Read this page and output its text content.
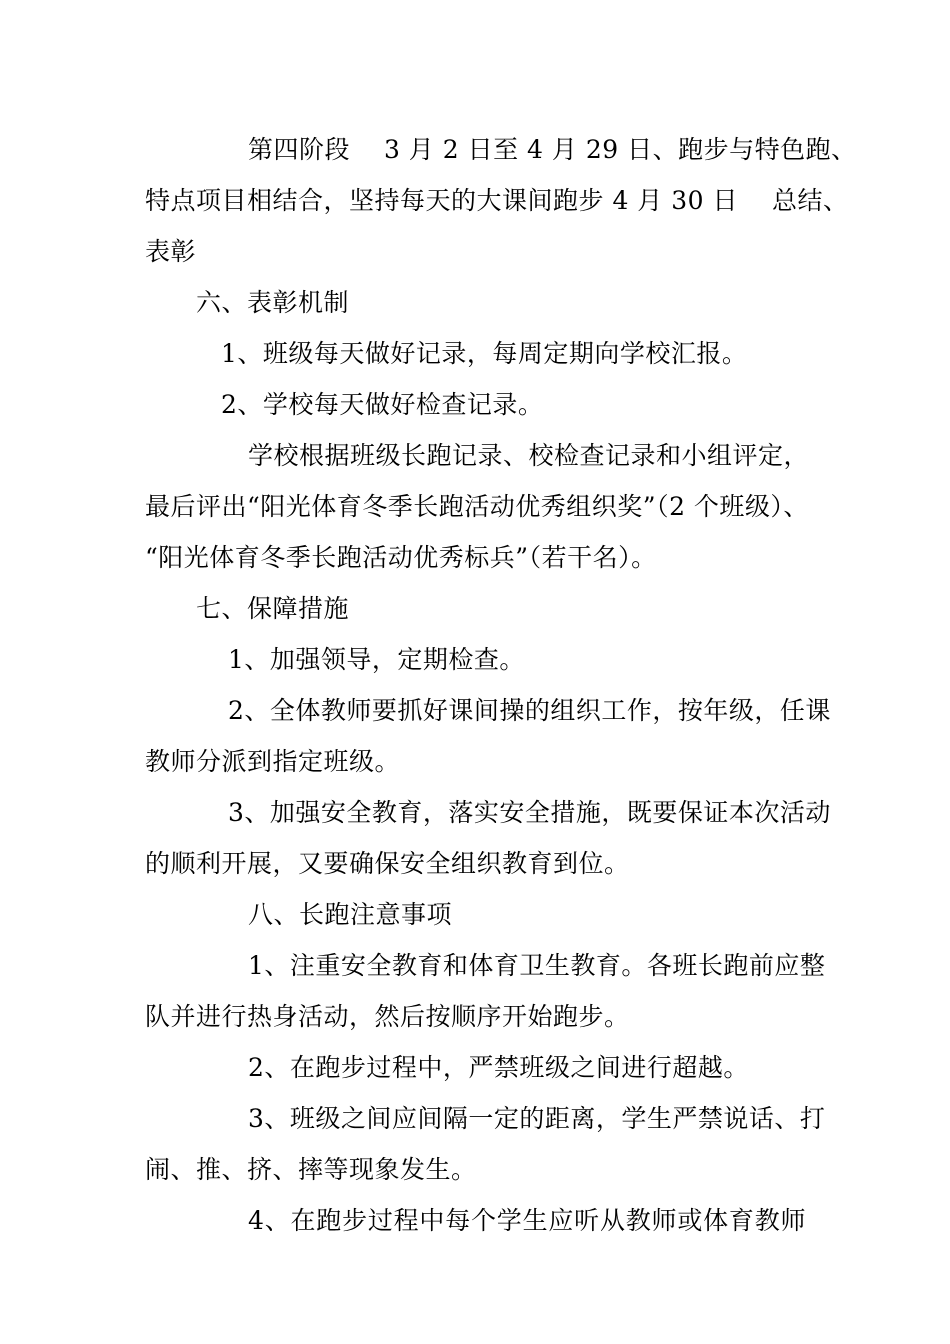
第四阶段　 3 月 2 日至 4 月 29 日、跑步与特色跑、
特点项目相结合，坚持每天的大课间跑步 4 月 30 日　 总结、
表彰
六、表彰机制
1、班级每天做好记录，每周定期向学校汇报。
2、学校每天做好检查记录。
学校根据班级长跑记录、校检查记录和小组评定，
最后评出“阳光体育冬季长跑活动优秀组织奖”（2 个班级）、
“阳光体育冬季长跑活动优秀标兵”（若干名）。
七、保障措施
1、加强领导，定期检查。
2、全体教师要抓好课间操的组织工作，按年级，任课
教师分派到指定班级。
3、加强安全教育，落实安全措施，既要保证本次活动
的顺利开展，又要确保安全组织教育到位。
八、长跑注意事项
1、注重安全教育和体育卫生教育。各班长跑前应整
队并进行热身活动，然后按顺序开始跑步。
2、在跑步过程中，严禁班级之间进行超越。
3、班级之间应间隔一定的距离，学生严禁说话、打
闹、推、挤、摔等现象发生。
4、在跑步过程中每个学生应听从教师或体育教师
